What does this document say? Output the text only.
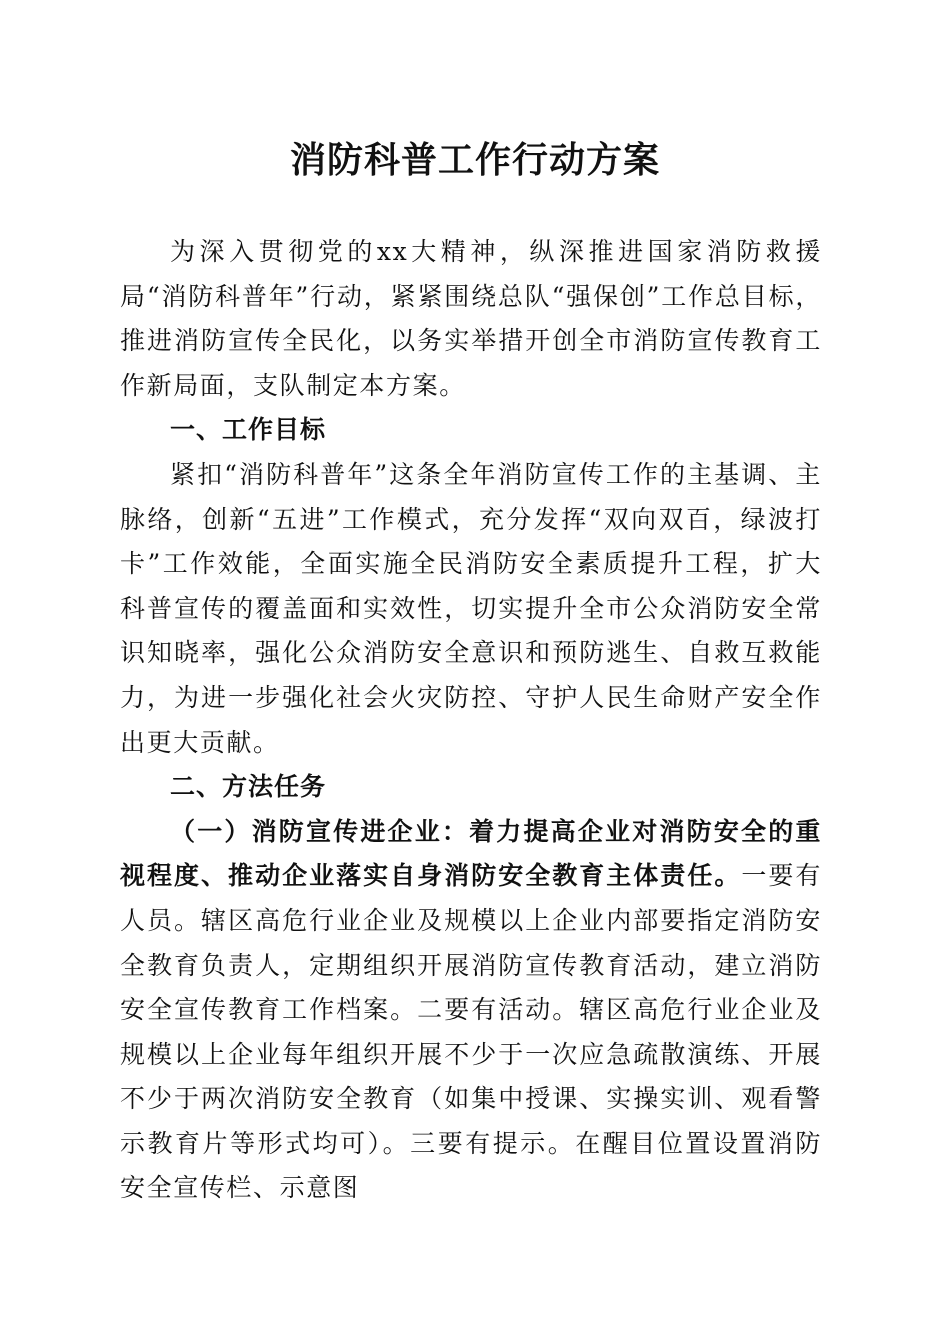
消防科普工作行动方案

为深入贯彻党的xx大精神，纵深推进国家消防救援局“消防科普年”行动，紧紧围绕总队“强保创”工作总目标，推进消防宣传全民化，以务实举措开创全市消防宣传教育工作新局面，支队制定本方案。

一、工作目标

紧扣“消防科普年”这条全年消防宣传工作的主基调、主脉络，创新“五进”工作模式，充分发挥“双向双百，绿波打卡”工作效能，全面实施全民消防安全素质提升工程，扩大科普宣传的覆盖面和实效性，切实提升全市公众消防安全常识知晓率，强化公众消防安全意识和预防逃生、自救互救能力，为进一步强化社会火灾防控、守护人民生命财产安全作出更大贡献。

二、方法任务

（一）消防宣传进企业：着力提高企业对消防安全的重视程度、推动企业落实自身消防安全教育主体责任。一要有人员。辖区高危行业企业及规模以上企业内部要指定消防安全教育负责人，定期组织开展消防宣传教育活动，建立消防安全宣传教育工作档案。二要有活动。辖区高危行业企业及规模以上企业每年组织开展不少于一次应急疏散演练、开展不少于两次消防安全教育（如集中授课、实操实训、观看警示教育片等形式均可）。三要有提示。在醒目位置设置消防安全宣传栏、示意图
